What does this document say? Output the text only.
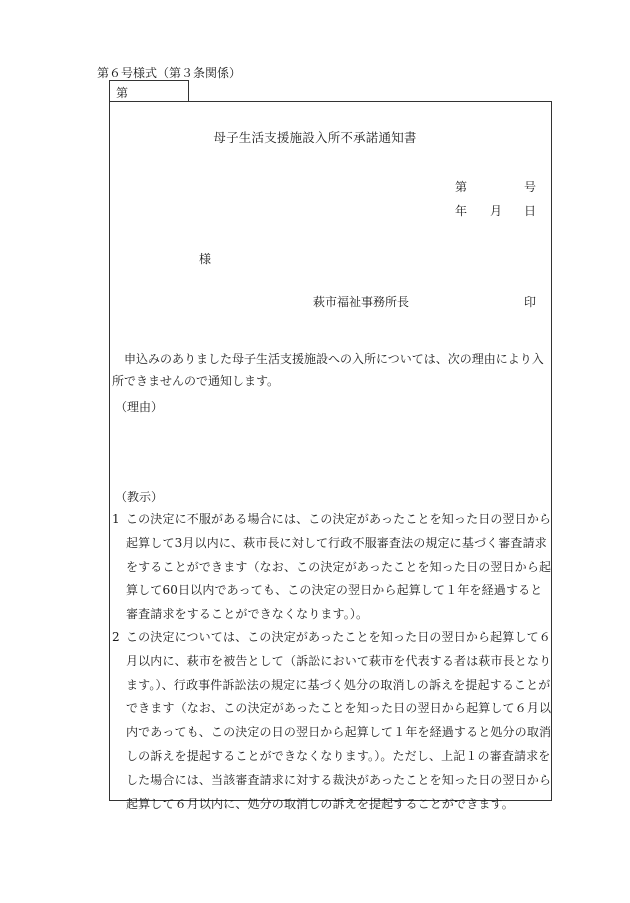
第６号様式（第３条関係）
第
母子生活支援施設入所不承諾通知書
第	号
年 月 日
様
萩市福祉事務所長	印

申込みのありました母子生活支援施設への入所については、次の理由により入所できませんので通知します。

（理由）
（教示）
1 この決定に不服がある場合には、この決定があったことを知った日の翌日から起算して3月以内に、萩市長に対して行政不服審査法の規定に基づく審査請求をすることができます（なお、この決定があったことを知った日の翌日から起算して60日以内であっても、この決定の翌日から起算して１年を経過すると審査請求をすることができなくなります。）。
2 この決定については、この決定があったことを知った日の翌日から起算して６月以内に、萩市を被告として（訴訟において萩市を代表する者は萩市長となります。）、行政事件訴訟法の規定に基づく処分の取消しの訴えを提起することができます（なお、この決定があったことを知った日の翌日から起算して６月以内であっても、この決定の日の翌日から起算して１年を経過すると処分の取消しの訴えを提起することができなくなります。）。ただし、上記１の審査請求をした場合には、当該審査請求に対する裁決があったことを知った日の翌日から起算して６月以内に、処分の取消しの訴えを提起することができます。
